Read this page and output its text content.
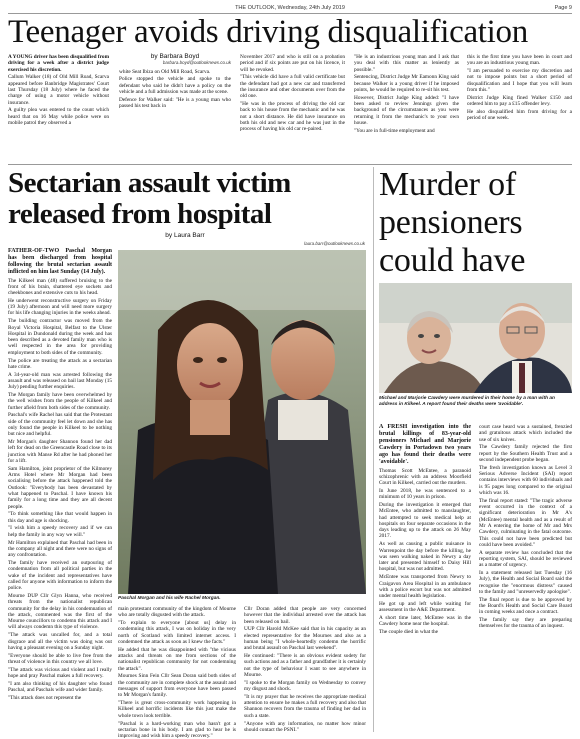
THE OUTLOOK, Wednesday, 24th July 2019	Page 9
Teenager avoids driving disqualification

A YOUNG driver has been disqualified from driving for a week after a district judge exercised his discretion.

Callum Walker (18) of Old Mill Road, Scarva appeared before Banbridge Magistrates' Court last Thursday (18 July) where he faced the charge of using a motor vehicle without insurance.

A guilty plea was entered to the count which heard that on 16 May while police were on mobile patrol they observed a

by Barbara Boyd
barbara.boyd@outlooknews.co.uk

white Seat Ibiza on Old Mill Road, Scarva.

Police stopped the vehicle and spoke to the defendant who said he didn't have a policy on the vehicle and a full admission was made at the scene.

Defence for Walker said: "He is a young man who passed his test back in

November 2017 and who is still on a probation period and if six points are put on his licence, it will be revoked.

"This vehicle did have a full valid certificate but the defendant had got a new car and transferred the insurance and other documents over from the old one.

"He was in the process of driving the old car back to his house from the mechanic and he was not a short distance. He did have insurance on both his old and new car and he was just in the process of having his old car re-paired.

"He is an industrious young man and I ask that you deal with this matter as leniently as possible."

Sentencing, District Judge Mr Eamonn King said because Walker is a young driver if he imposed points, he would be required to re-sit his test.

However, District Judge King added: "I have been asked to review Jennings given the background of the circumstances as you were returning it from the mechanic's to your own house.

"You are in full-time employment and

this is the first time you have been in court and you are an industrious young man.

"I am persuaded to exercise my discretion and not to impose points but a short period of disqualification and I hope that you will learn from this."

District Judge King fined Walker £150 and ordered him to pay a £15 offender levy.

He also disqualified him from driving for a period of one week.

Sectarian assault victim released from hospital
by Laura Barr
laura.barr@outlooknews.co.uk

FATHER-OF-TWO Paschal Morgan has been discharged from hospital following the brutal sectarian assault inflicted on him last Sunday (14 July).

The Kilkeel man (48) suffered bruising to the front of his brain, shattered eye sockets and cheekbones and extensive cuts to his head.

He underwent reconstructive surgery on Friday (19 July) afternoon and will need more surgery for his life changing injuries in the weeks ahead.

The building contractor was moved from the Royal Victoria Hospital, Belfast to the Ulster Hospital in Dundonald during the week and has been described as a devoted family man who is well respected in the area for providing employment to both sides of the community.

The police are treating the attack as a sectarian hate crime.

A 34-year-old man was arrested following the assault and was released on bail last Monday (15 July) pending further enquiries.

The Morgan family have been overwhelmed by the well wishes from the people of Kilkeel and further afield from both sides of the community.

Paschal's wife Rachel has said that the Protestant side of the community feel let down and she has only found the people in Kilkeel to be nothing but nice and helpful.

Mr Morgan's daughter Shannon found her dad left for dead on the Greencastle Road close to its junction with Manse Rd after he had phoned her for a lift.

Sam Hamilton, joint proprietor of the Kilmorey Arms Hotel where Mr Morgan had been socialising before the attack happened told the Outlook: "Everybody has been devastated by what happened to Paschal. I have known his family for a long time and they are all decent people.

"To think something like that would happen in this day and age is shocking.

"I wish him a speedy recovery and if we can help the family in any way we will."

Mr Hamilton explained that Paschal had been in the company all night and there were no signs of any confrontation.

The family have received an outpouring of condemnation from all political parties in the wake of the incident and representatives have called for anyone with information to inform the police.

Mourne DUP Cllr Glyn Hanna, who received threats from the nationalist republican community for the delay in his condemnation of the attack, commented was the first of the Mourne councillors to condemn this attack and I will always condemn this type of violence.

"The attack was uncalled for, and a total disgrace and all the victim was doing was out having a pleasant evening on a Sunday night.

"Everyone should be able to live free from the threat of violence in this country we all love.

"The attack was vicious and violent and I really hope and pray Paschal makes a full recovery.

"I am also thinking of his daughter who found Paschal, and Paschals wife and wider family.

"This attack does not represent the

Paschal Morgan and his wife Rachel Morgan.

main protestant community of the kingdom of Mourne who are totally disgusted with the attack.

"To explain to everyone [about us] delay in condemning this attack, I was on holiday in the very north of Scotland with limited internet access. I condemned the attack as soon as I knew the facts."

He added that he was disappointed with "the vicious attacks and threats on me from sections of the nationalist republican community for not condemning the attack".

Mournes Sinn Fein Cllr Sean Doran said both sides of the community are in complete shock at the assault and messages of support from everyone have been passed to Mr Morgan's family.

"There is great cross-community work happening in Kilkeel and horrific incidents like this just make the whole town look terrible.

"Paschal is a hard-working man who hasn't got a sectarian bone in his body. I am glad to hear he is improving and wish him a speedy recovery."

Cllr Doran added that people are very concerned however that the individual arrested over the attack has been released on bail.

UUP Cllr Harold McKee said that in his capacity as an elected representative for the Mournes and also as a human being "I whole-heartedly condemn the horrific and brutal assault on Paschal last weekend".

He continued: "There is an obvious evident sodety for such actions and as a father and grandfather it is certainly not the type of behaviour I want to see anywhere in Mourne.

"I spoke to the Morgan family on Wednesday to convey my disgust and shock.

"It is my prayer that he receives the appropriate medical attention to ensure he makes a full recovery and also that Shannon recovers from the trauma of finding her dad in such a state.

"Anyone with any information, no matter how minor should contact the PSNI."

Murder of pensioners could have
Michael and Marjorie Cawdery were murdered in their home by a man with an address in Kilkeel. A report found their deaths were 'avoidable'.

A FRESH investigation into the brutal killings of 83-year-old pensioners Michael and Marjorie Cawdery in Portadown two years ago has found their deaths were 'avoidable'.

Thomas Scott McEntee, a paranoid schizophrenic with an address Moorfield Court in Kilkeel, carried out the murders.

In June 2018, he was sentenced to a minimum of 10 years in prison.

During the investigation it emerged that McEntee, who admitted to manslaughter, had attempted to seek medical help at hospitals on four separate occasions in the days leading up to the attack on 26 May 2017.

As well as causing a public nuisance in Warrenpoint the day before the killing, he was seen walking naked in Newry a day later and presented himself to Daisy Hill hospital, but was not admitted.

McEntee was transported from Newry to Craigavon Area Hospital in an ambulance with a police escort but was not admitted under mental health legislation.

He got up and left while waiting for assessment in the A&E Department.

A short time later, McEntee was in the Cawdery home near the hospital.

The couple died in what the

court case heard was a sustained, frenzied and gratuitous attack which included the use of six knives.

The Cawdery family rejected the first report by the Southern Health Trust and a second independent probe began.

The fresh investigation known as Level 3 Serious Adverse Incident (SAI) report contains interviews with 60 individuals and is 95 pages long compared to the original which was 16.

The final report stated: "The tragic adverse event occurred in the context of a significant deterioration in Mr A's (McEntee) mental health and as a result of Mr A entering the home of Mr and Mrs Cawdery, culminating in the fatal outcome. This could not have been predicted but could have been avoided."

A separate review has concluded that the reporting system, SAI, should be reviewed as a matter of urgency.

In a statement released last Tuesday (16 July), the Health and Social Board said the recognise the "enormous distress" caused to the family and "unreservedly apologise".

The final report is due to be approved by the Board's Health and Social Care Board in coming weeks and once a contract.

The family say they are preparing themselves for the trauma of an inquest.
